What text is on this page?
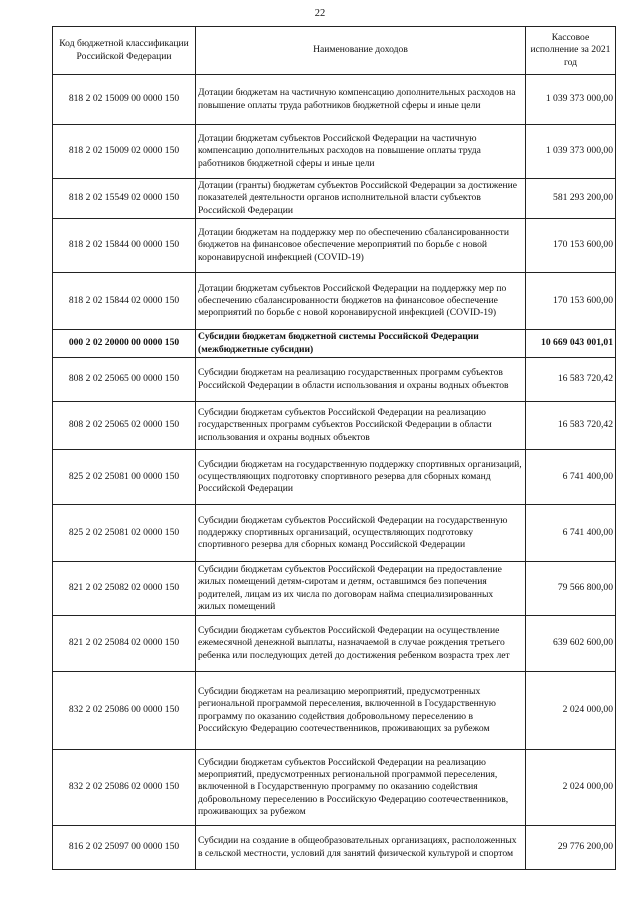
22
Код бюджетной классификации Российской Федерации	Наименование доходов	Кассовое исполнение за 2021 год
818 2 02 15009 00 0000 150	Дотации бюджетам на частичную компенсацию дополнительных расходов на повышение оплаты труда работников бюджетной сферы и иные цели	1 039 373 000,00
818 2 02 15009 02 0000 150	Дотации бюджетам субъектов Российской Федерации на частичную компенсацию дополнительных расходов на повышение оплаты труда работников бюджетной сферы и иные цели	1 039 373 000,00
818 2 02 15549 02 0000 150	Дотации (гранты) бюджетам субъектов Российской Федерации за достижение показателей деятельности органов исполнительной власти субъектов Российской Федерации	581 293 200,00
818 2 02 15844 00 0000 150	Дотации бюджетам на поддержку мер по обеспечению сбалансированности бюджетов на финансовое обеспечение мероприятий по борьбе с новой коронавирусной инфекцией (COVID-19)	170 153 600,00
818 2 02 15844 02 0000 150	Дотации бюджетам субъектов Российской Федерации на поддержку мер по обеспечению сбалансированности бюджетов на финансовое обеспечение мероприятий по борьбе с новой коронавирусной инфекцией (COVID-19)	170 153 600,00
000 2 02 20000 00 0000 150	Субсидии бюджетам бюджетной системы Российской Федерации (межбюджетные субсидии)	10 669 043 001,01
808 2 02 25065 00 0000 150	Субсидии бюджетам на реализацию государственных программ субъектов Российской Федерации в области использования и охраны водных объектов	16 583 720,42
808 2 02 25065 02 0000 150	Субсидии бюджетам субъектов Российской Федерации на реализацию государственных программ субъектов Российской Федерации в области использования и охраны водных объектов	16 583 720,42
825 2 02 25081 00 0000 150	Субсидии бюджетам на государственную поддержку спортивных организаций, осуществляющих подготовку спортивного резерва для сборных команд Российской Федерации	6 741 400,00
825 2 02 25081 02 0000 150	Субсидии бюджетам субъектов Российской Федерации на государственную поддержку спортивных организаций, осуществляющих подготовку спортивного резерва для сборных команд Российской Федерации	6 741 400,00
821 2 02 25082 02 0000 150	Субсидии бюджетам субъектов Российской Федерации на предоставление жилых помещений детям-сиротам и детям, оставшимся без попечения родителей, лицам из их числа по договорам найма специализированных жилых помещений	79 566 800,00
821 2 02 25084 02 0000 150	Субсидии бюджетам субъектов Российской Федерации на осуществление ежемесячной денежной выплаты, назначаемой в случае рождения третьего ребенка или последующих детей до достижения ребенком возраста трех лет	639 602 600,00
832 2 02 25086 00 0000 150	Субсидии бюджетам на реализацию мероприятий, предусмотренных региональной программой переселения, включенной в Государственную программу по оказанию содействия добровольному переселению в Российскую Федерацию соотечественников, проживающих за рубежом	2 024 000,00
832 2 02 25086 02 0000 150	Субсидии бюджетам субъектов Российской Федерации на реализацию мероприятий, предусмотренных региональной программой переселения, включенной в Государственную программу по оказанию содействия добровольному переселению в Российскую Федерацию соотечественников, проживающих за рубежом	2 024 000,00
816 2 02 25097 00 0000 150	Субсидии на создание в общеобразовательных организациях, расположенных в сельской местности, условий для занятий физической культурой и спортом	29 776 200,00
